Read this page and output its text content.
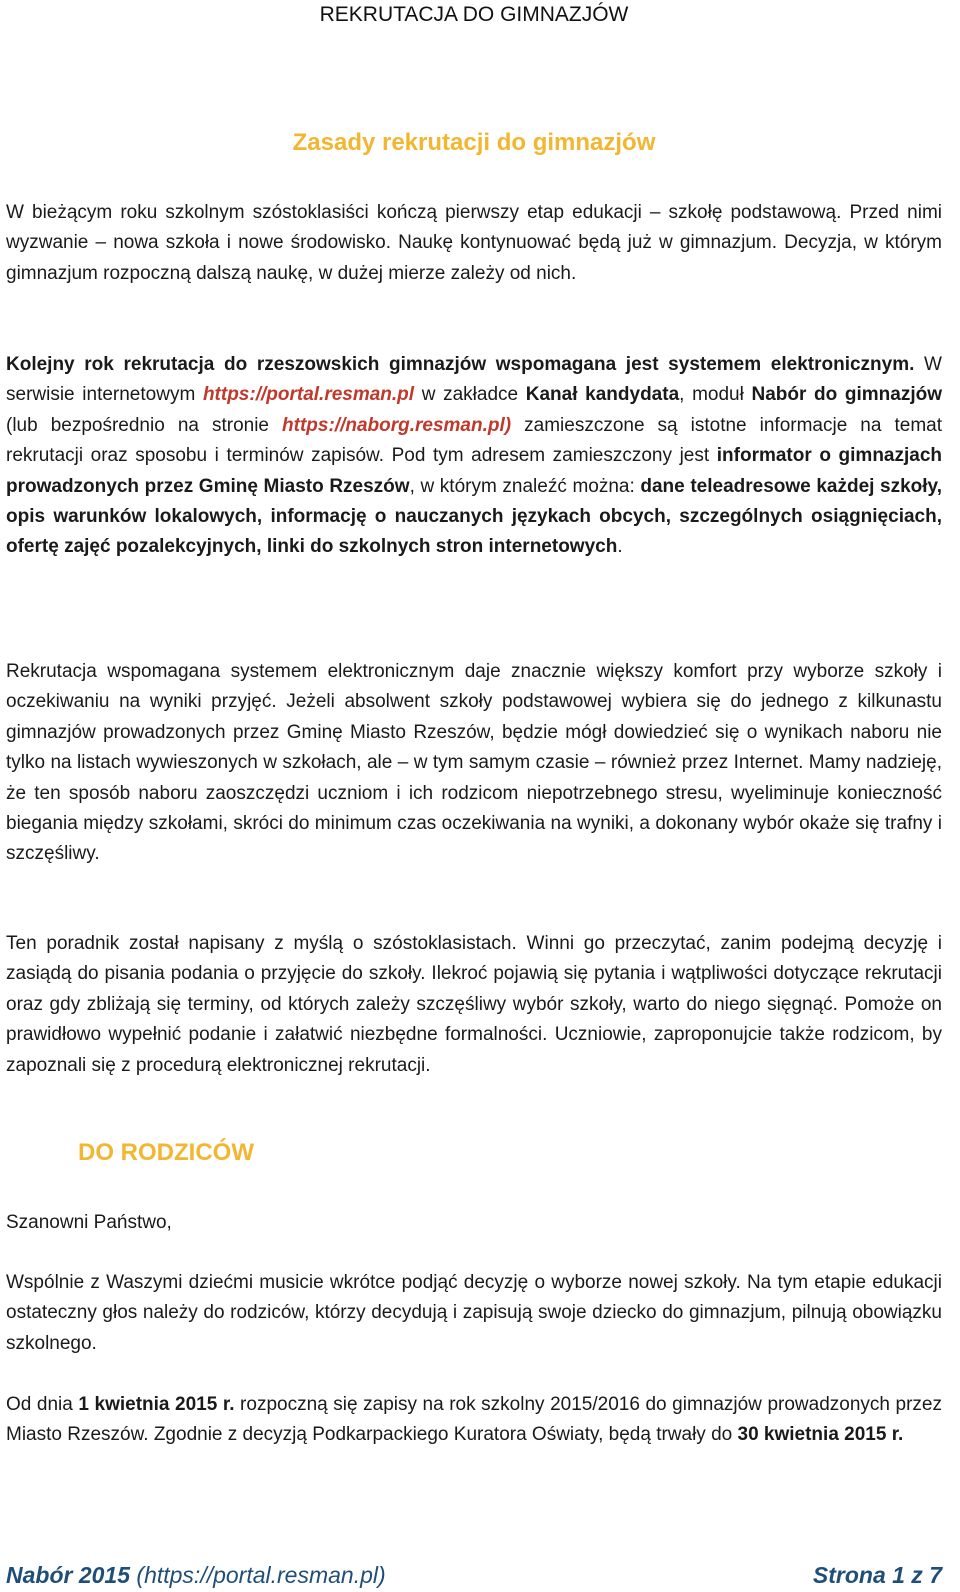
REKRUTACJA DO GIMNAZJÓW
Zasady rekrutacji do gimnazjów

W bieżącym roku szkolnym szóstoklasiści kończą pierwszy etap edukacji – szkołę podstawową. Przed nimi wyzwanie – nowa szkoła i nowe środowisko. Naukę kontynuować będą już w gimnazjum. Decyzja, w którym gimnazjum rozpoczną dalszą naukę, w dużej mierze zależy od nich.

Kolejny rok rekrutacja do rzeszowskich gimnazjów wspomagana jest systemem elektronicznym. W serwisie internetowym https://portal.resman.pl w zakładce Kanał kandydata, moduł Nabór do gimnazjów (lub bezpośrednio na stronie https://naborg.resman.pl) zamieszczone są istotne informacje na temat rekrutacji oraz sposobu i terminów zapisów. Pod tym adresem zamieszczony jest informator o gimnazjach prowadzonych przez Gminę Miasto Rzeszów, w którym znaleźć można: dane teleadresowe każdej szkoły, opis warunków lokalowych, informację o nauczanych językach obcych, szczególnych osiągnięciach, ofertę zajęć pozalekcyjnych, linki do szkolnych stron internetowych.

Rekrutacja wspomagana systemem elektronicznym daje znacznie większy komfort przy wyborze szkoły i oczekiwaniu na wyniki przyjęć. Jeżeli absolwent szkoły podstawowej wybiera się do jednego z kilkunastu gimnazjów prowadzonych przez Gminę Miasto Rzeszów, będzie mógł dowiedzieć się o wynikach naboru nie tylko na listach wywieszonych w szkołach, ale – w tym samym czasie – również przez Internet. Mamy nadzieję, że ten sposób naboru zaoszczędzi uczniom i ich rodzicom niepotrzebnego stresu, wyeliminuje konieczność biegania między szkołami, skróci do minimum czas oczekiwania na wyniki, a dokonany wybór okaże się trafny i szczęśliwy.

Ten poradnik został napisany z myślą o szóstoklasistach. Winni go przeczytać, zanim podejmą decyzję i zasiądą do pisania podania o przyjęcie do szkoły. Ilekroć pojawią się pytania i wątpliwości dotyczące rekrutacji oraz gdy zbliżają się terminy, od których zależy szczęśliwy wybór szkoły, warto do niego sięgnąć. Pomoże on prawidłowo wypełnić podanie i załatwić niezbędne formalności. Uczniowie, zaproponujcie także rodzicom, by zapoznali się z procedurą elektronicznej rekrutacji.

DO RODZICÓW

Szanowni Państwo,

Wspólnie z Waszymi dziećmi musicie wkrótce podjąć decyzję o wyborze nowej szkoły. Na tym etapie edukacji ostateczny głos należy do rodziców, którzy decydują i zapisują swoje dziecko do gimnazjum, pilnują obowiązku szkolnego.

Od dnia 1 kwietnia 2015 r. rozpoczną się zapisy na rok szkolny 2015/2016 do gimnazjów prowadzonych przez Miasto Rzeszów. Zgodnie z decyzją Podkarpackiego Kuratora Oświaty, będą trwały do 30 kwietnia 2015 r.

Nabór 2015 (https://portal.resman.pl)	Strona 1 z 7
